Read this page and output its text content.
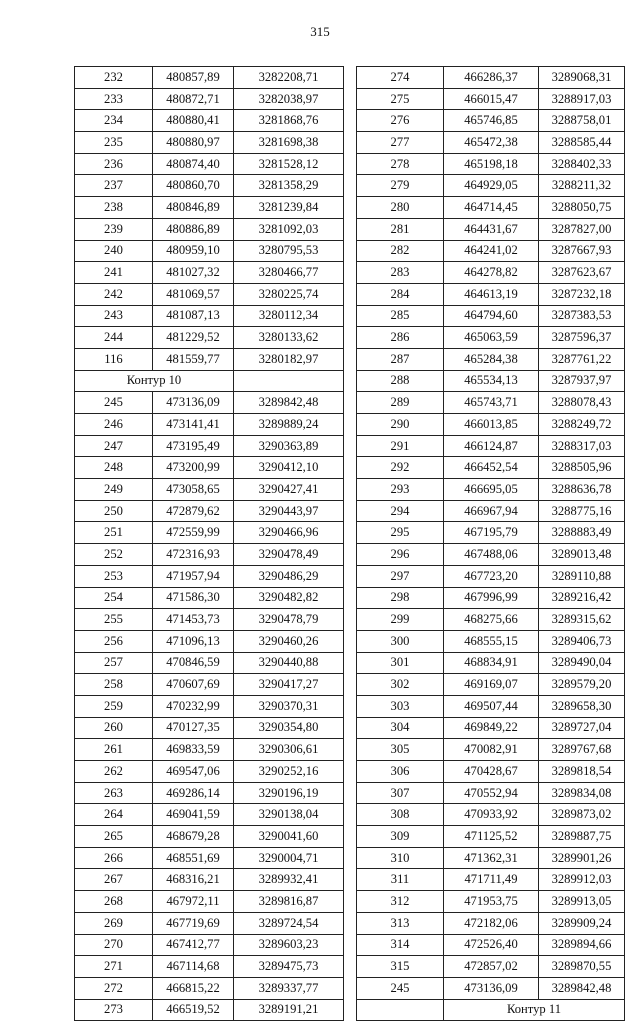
315
232	480857,89	3282208,71
233	480872,71	3282038,97
234	480880,41	3281868,76
235	480880,97	3281698,38
236	480874,40	3281528,12
237	480860,70	3281358,29
238	480846,89	3281239,84
239	480886,89	3281092,03
240	480959,10	3280795,53
241	481027,32	3280466,77
242	481069,57	3280225,74
243	481087,13	3280112,34
244	481229,52	3280133,62
116	481559,77	3280182,97
Контур 10		
245	473136,09	3289842,48
246	473141,41	3289889,24
247	473195,49	3290363,89
248	473200,99	3290412,10
249	473058,65	3290427,41
250	472879,62	3290443,97
251	472559,99	3290466,96
252	472316,93	3290478,49
253	471957,94	3290486,29
254	471586,30	3290482,82
255	471453,73	3290478,79
256	471096,13	3290460,26
257	470846,59	3290440,88
258	470607,69	3290417,27
259	470232,99	3290370,31
260	470127,35	3290354,80
261	469833,59	3290306,61
262	469547,06	3290252,16
263	469286,14	3290196,19
264	469041,59	3290138,04
265	468679,28	3290041,60
266	468551,69	3290004,71
267	468316,21	3289932,41
268	467972,11	3289816,87
269	467719,69	3289724,54
270	467412,77	3289603,23
271	467114,68	3289475,73
272	466815,22	3289337,77
273	466519,52	3289191,21
274	466286,37	3289068,31
275	466015,47	3288917,03
276	465746,85	3288758,01
277	465472,38	3288585,44
278	465198,18	3288402,33
279	464929,05	3288211,32
280	464714,45	3288050,75
281	464431,67	3287827,00
282	464241,02	3287667,93
283	464278,82	3287623,67
284	464613,19	3287232,18
285	464794,60	3287383,53
286	465063,59	3287596,37
287	465284,38	3287761,22
288	465534,13	3287937,97
289	465743,71	3288078,43
290	466013,85	3288249,72
291	466124,87	3288317,03
292	466452,54	3288505,96
293	466695,05	3288636,78
294	466967,94	3288775,16
295	467195,79	3288883,49
296	467488,06	3289013,48
297	467723,20	3289110,88
298	467996,99	3289216,42
299	468275,66	3289315,62
300	468555,15	3289406,73
301	468834,91	3289490,04
302	469169,07	3289579,20
303	469507,44	3289658,30
304	469849,22	3289727,04
305	470082,91	3289767,68
306	470428,67	3289818,54
307	470552,94	3289834,08
308	470933,92	3289873,02
309	471125,52	3289887,75
310	471362,31	3289901,26
311	471711,49	3289912,03
312	471953,75	3289913,05
313	472182,06	3289909,24
314	472526,40	3289894,66
315	472857,02	3289870,55
245	473136,09	3289842,48
	Контур 11	
